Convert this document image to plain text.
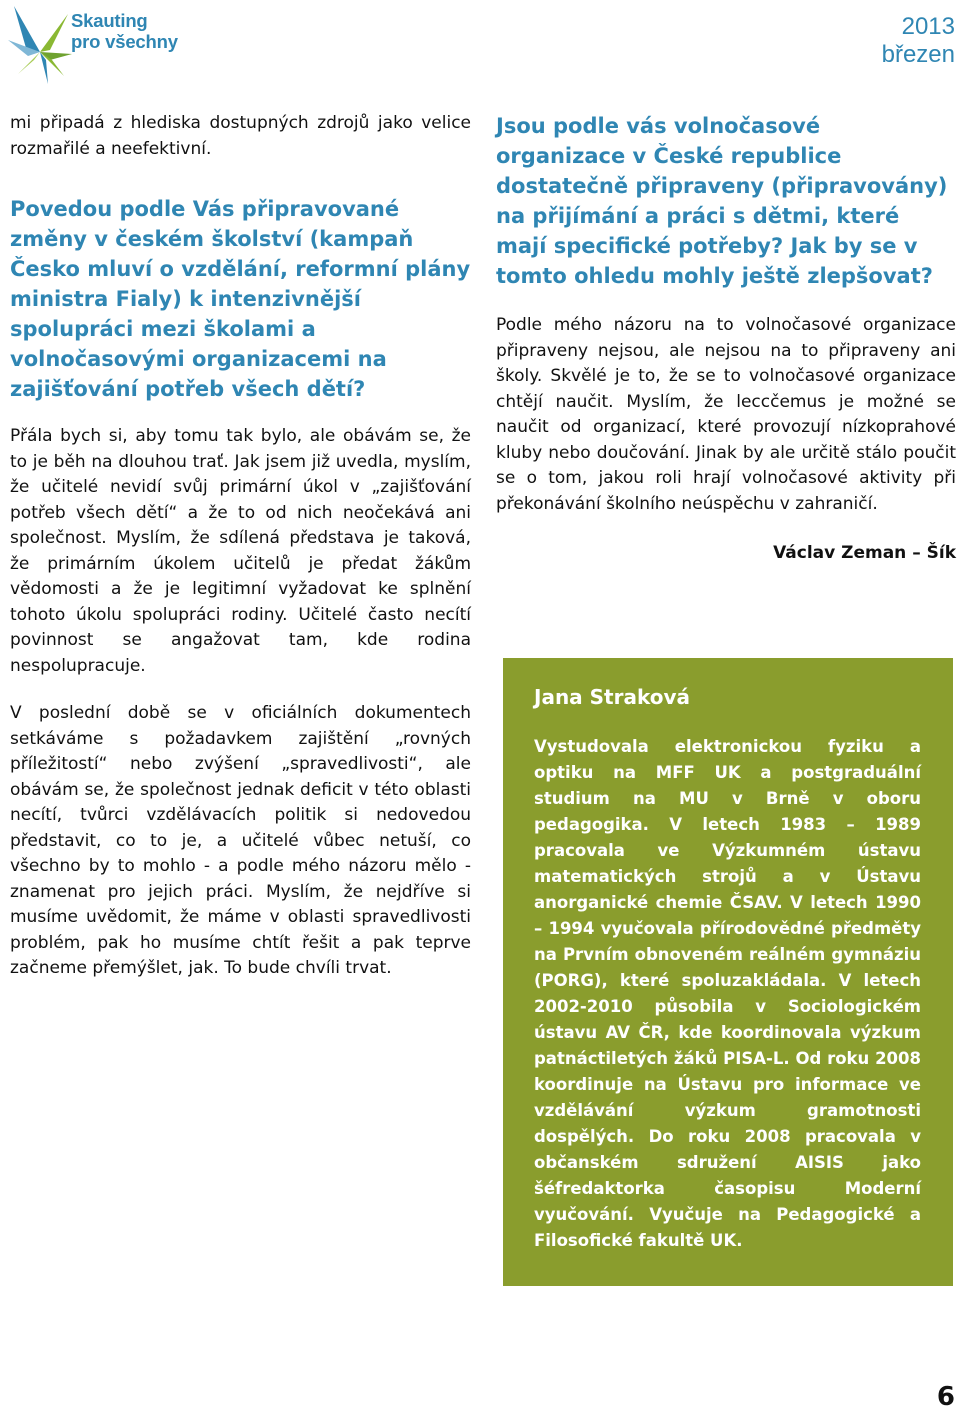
Skauting
pro všechny
2013
březen

mi připadá z hlediska dostupných zdrojů jako velice rozmařilé a neefektivní.

Povedou podle Vás připravované změny v českém školství (kampaň Česko mluví o vzdělání, reformní plány ministra Fialy) k intenzivnější spolupráci mezi školami a volnočasovými organizacemi na zajišťování potřeb všech dětí?

Přála bych si, aby tomu tak bylo, ale obávám se, že to je běh na dlouhou trať. Jak jsem již uvedla, myslím, že učitelé nevidí svůj primární úkol v „zajišťování potřeb všech dětí“ a že to od nich neočekává ani společnost. Myslím, že sdílená představa je taková, že primárním úkolem učitelů je předat žákům vědomosti a že je legitimní vyžadovat ke splnění tohoto úkolu spolupráci rodiny. Učitelé často necítí povinnost se angažovat tam, kde rodina nespolupracuje.

V poslední době se v oficiálních dokumentech setkáváme s požadavkem zajištění „rovných příležitostí“ nebo zvýšení „spravedlivosti“, ale obávám se, že společnost jednak deficit v této oblasti necítí, tvůrci vzdělávacích politik si nedovedou představit, co to je, a učitelé vůbec netuší, co všechno by to mohlo - a podle mého názoru mělo - znamenat pro jejich práci. Myslím, že nejdříve si musíme uvědomit, že máme v oblasti spravedlivosti problém, pak ho musíme chtít řešit a pak teprve začneme přemýšlet, jak. To bude chvíli trvat.

Jsou podle vás volnočasové organizace v České republice dostatečně připraveny (připravovány) na přijímání a práci s dětmi, které mají specifické potřeby? Jak by se v tomto ohledu mohly ještě zlepšovat?

Podle mého názoru na to volnočasové organizace připraveny nejsou, ale nejsou na to připraveny ani školy. Skvělé je to, že se to volnočasové organizace chtějí naučit. Myslím, že leccčemus je možné se naučit od organizací, které provozují nízkoprahové kluby nebo doučování. Jinak by ale určitě stálo poučit se o tom, jakou roli hrají volnočasové aktivity při překonávání školního neúspěchu v zahraničí.

Václav Zeman – Šík

Jana Straková

Vystudovala elektronickou fyziku a optiku na MFF UK a postgraduální studium na MU v Brně v oboru pedagogika. V letech 1983 – 1989 pracovala ve Výzkumném ústavu matematických strojů a v Ústavu anorganické chemie ČSAV. V letech 1990 – 1994 vyučovala přírodovědné předměty na Prvním obnoveném reálném gymnáziu (PORG), které spoluzakládala. V letech 2002-2010 působila v Sociologickém ústavu AV ČR, kde koordinovala výzkum patnáctiletých žáků PISA-L. Od roku 2008 koordinuje na Ústavu pro informace ve vzdělávání výzkum gramotnosti dospělých. Do roku 2008 pracovala v občanském sdružení AISIS jako šéfredaktorka časopisu Moderní vyučování. Vyučuje na Pedagogické a Filosofické fakultě UK.

6
